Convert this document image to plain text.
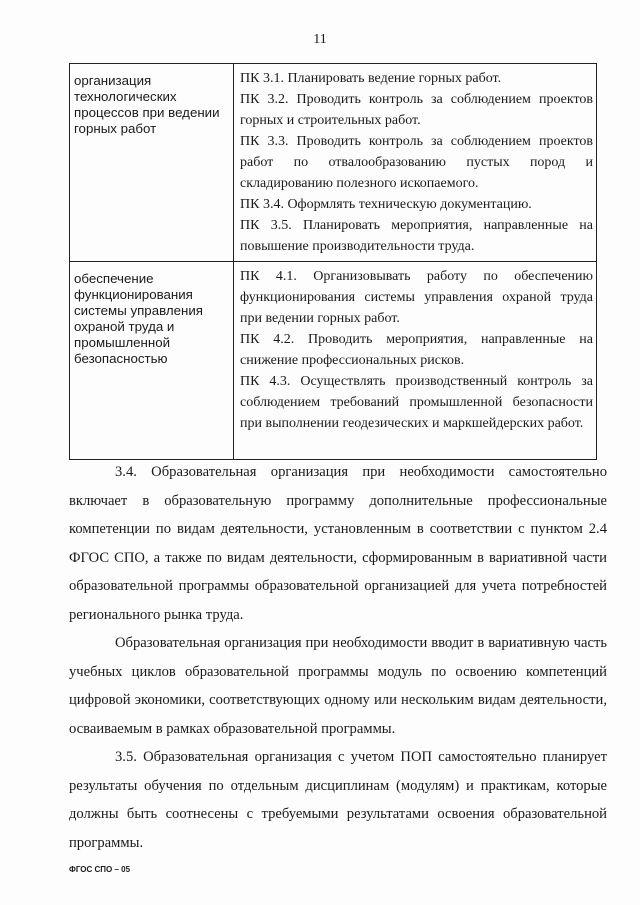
11
организация технологических процессов при ведении горных работ	ПК 3.1. Планировать ведение горных работ.
ПК 3.2. Проводить контроль за соблюдением проектов горных и строительных работ.
ПК 3.3. Проводить контроль за соблюдением проектов работ по отвалообразованию пустых пород и складированию полезного ископаемого.
ПК 3.4. Оформлять техническую документацию.
ПК 3.5. Планировать мероприятия, направленные на повышение производительности труда.

обеспечение функционирования системы управления охраной труда и промышленной безопасностью	ПК 4.1. Организовывать работу по обеспечению функционирования системы управления охраной труда при ведении горных работ.
ПК 4.2. Проводить мероприятия, направленные на снижение профессиональных рисков.
ПК 4.3. Осуществлять производственный контроль за соблюдением требований промышленной безопасности при выполнении геодезических и маркшейдерских работ.

3.4. Образовательная организация при необходимости самостоятельно включает в образовательную программу дополнительные профессиональные компетенции по видам деятельности, установленным в соответствии с пунктом 2.4 ФГОС СПО, а также по видам деятельности, сформированным в вариативной части образовательной программы образовательной организацией для учета потребностей регионального рынка труда.

Образовательная организация при необходимости вводит в вариативную часть учебных циклов образовательной программы модуль по освоению компетенций цифровой экономики, соответствующих одному или нескольким видам деятельности, осваиваемым в рамках образовательной программы.

3.5. Образовательная организация с учетом ПОП самостоятельно планирует результаты обучения по отдельным дисциплинам (модулям) и практикам, которые должны быть соотнесены с требуемыми результатами освоения образовательной программы.

ФГОС СПО – 05
